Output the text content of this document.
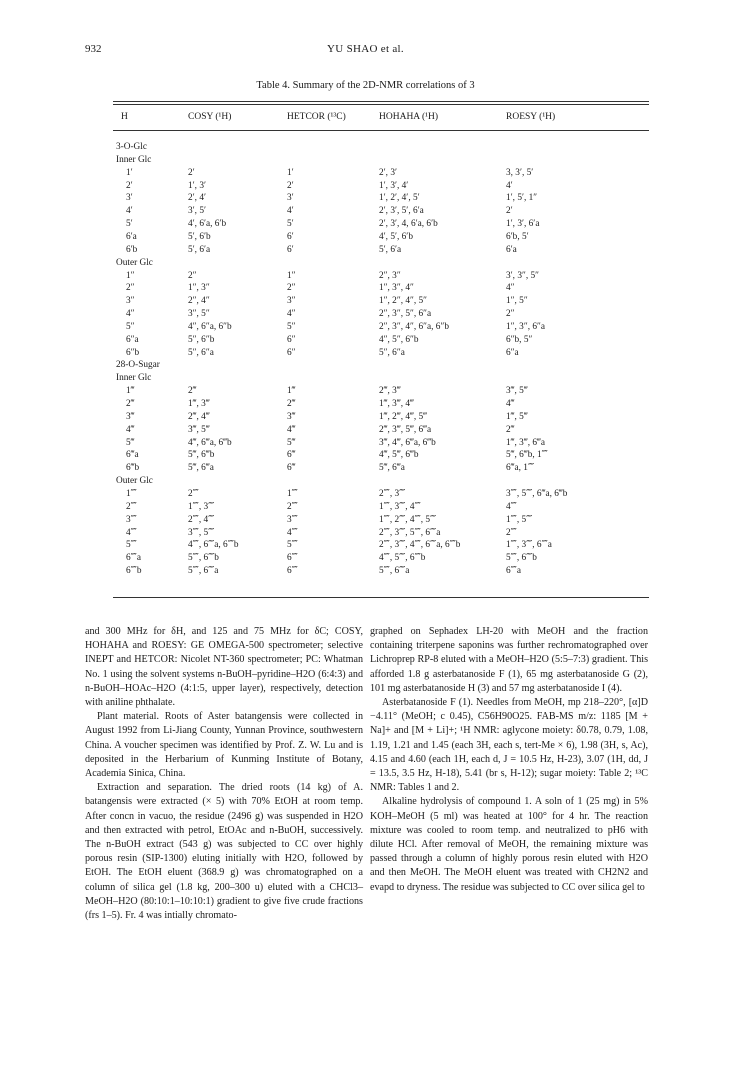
932	YU SHAO et al.
Table 4. Summary of the 2D-NMR correlations of 3
H	COSY (¹H)	HETCOR (¹³C)	HOHAHA (¹H)	ROESY (¹H)
3-O-Glc
Inner Glc
1′	2′	1′	2′, 3′	3, 3′, 5′
2′	1′, 3′	2′	1′, 3′, 4′	4′
3′	2′, 4′	3′	1′, 2′, 4′, 5′	1′, 5′, 1″
4′	3′, 5′	4′	2′, 3′, 5′, 6′a	2′
5′	4′, 6′a, 6′b	5′	2′, 3′, 4, 6′a, 6′b	1′, 3′, 6′a
6′a	5′, 6′b	6′	4′, 5′, 6′b	6′b, 5′
6′b	5′, 6′a	6′	5′, 6′a	6′a
Outer Glc
1″	2″	1″	2″, 3″	3′, 3″, 5″
2″	1″, 3″	2″	1″, 3″, 4″	4″
3″	2″, 4″	3″	1″, 2″, 4″, 5″	1″, 5″
4″	3″, 5″	4″	2″, 3″, 5″, 6″a	2″
5″	4″, 6″a, 6″b	5″	2″, 3″, 4″, 6″a, 6″b	1″, 3″, 6″a
6″a	5″, 6″b	6″	4″, 5″, 6″b	6″b, 5″
6″b	5″, 6″a	6″	5″, 6″a	6″a
28-O-Sugar
Inner Glc
1‴	2‴	1‴	2‴, 3‴	3‴, 5‴
2‴	1‴, 3‴	2‴	1‴, 3‴, 4‴	4‴
3‴	2‴, 4‴	3‴	1‴, 2‴, 4‴, 5‴	1‴, 5‴
4‴	3‴, 5‴	4‴	2‴, 3‴, 5‴, 6‴a	2‴
5‴	4‴, 6‴a, 6‴b	5‴	3‴, 4‴, 6‴a, 6‴b	1‴, 3‴, 6‴a
6‴a	5‴, 6‴b	6‴	4‴, 5‴, 6‴b	5‴, 6‴b, 1⁗
6‴b	5‴, 6‴a	6‴	5‴, 6‴a	6‴a, 1⁗
Outer Glc
1⁗	2⁗	1⁗	2⁗, 3⁗	3⁗, 5⁗, 6‴a, 6‴b
2⁗	1⁗, 3⁗	2⁗	1⁗, 3⁗, 4⁗	4⁗
3⁗	2⁗, 4⁗	3⁗	1⁗, 2⁗, 4⁗, 5⁗	1⁗, 5⁗
4⁗	3⁗, 5⁗	4⁗	2⁗, 3⁗, 5⁗, 6⁗a	2⁗
5⁗	4⁗, 6⁗a, 6⁗b	5⁗	2⁗, 3⁗, 4⁗, 6⁗a, 6⁗b	1⁗, 3⁗, 6⁗a
6⁗a	5⁗, 6⁗b	6⁗	4⁗, 5⁗, 6⁗b	5⁗, 6⁗b
6⁗b	5⁗, 6⁗a	6⁗	5⁗, 6⁗a	6⁗a

and 300 MHz for δH, and 125 and 75 MHz for δC; COSY, HOHAHA and ROESY: GE OMEGA-500 spectrometer; selective INEPT and HETCOR: Nicolet NT-360 spectrometer; PC: Whatman No. 1 using the solvent systems n-BuOH–pyridine–H2O (6:4:3) and n-BuOH–HOAc–H2O (4:1:5, upper layer), respectively, detection with aniline phthalate.

Plant material. Roots of Aster batangensis were collected in August 1992 from Li-Jiang County, Yunnan Province, southwestern China. A voucher specimen was identified by Prof. Z. W. Lu and is deposited in the Herbarium of Kunming Institute of Botany, Academia Sinica, China.

Extraction and separation. The dried roots (14 kg) of A. batangensis were extracted (× 5) with 70% EtOH at room temp. After concn in vacuo, the residue (2496 g) was suspended in H2O and then extracted with petrol, EtOAc and n-BuOH, successively. The n-BuOH extract (543 g) was subjected to CC over highly porous resin (SIP-1300) eluting initially with H2O, followed by EtOH. The EtOH eluent (368.9 g) was chromatographed on a column of silica gel (1.8 kg, 200–300 u) eluted with a CHCl3–MeOH–H2O (80:10:1–10:10:1) gradient to give five crude fractions (frs 1–5). Fr. 4 was intially chromato-

graphed on Sephadex LH-20 with MeOH and the fraction containing triterpene saponins was further rechromatographed over Lichroprep RP-8 eluted with a MeOH–H2O (5:5–7:3) gradient. This afforded 1.8 g asterbatanoside F (1), 65 mg asterbatanoside G (2), 101 mg asterbatanoside H (3) and 57 mg asterbatanoside I (4).

Asterbatanoside F (1). Needles from MeOH, mp 218–220°, [α]D −4.11° (MeOH; c 0.45), C56H90O25. FAB-MS m/z: 1185 [M + Na]+ and [M + Li]+; ¹H NMR: aglycone moiety: δ0.78, 0.79, 1.08, 1.19, 1.21 and 1.45 (each 3H, each s, tert-Me × 6), 1.98 (3H, s, Ac), 4.15 and 4.60 (each 1H, each d, J = 10.5 Hz, H-23), 3.07 (1H, dd, J = 13.5, 3.5 Hz, H-18), 5.41 (br s, H-12); sugar moiety: Table 2; ¹³C NMR: Tables 1 and 2.

Alkaline hydrolysis of compound 1. A soln of 1 (25 mg) in 5% KOH–MeOH (5 ml) was heated at 100° for 4 hr. The reaction mixture was cooled to room temp. and neutralized to pH6 with dilute HCl. After removal of MeOH, the remaining mixture was passed through a column of highly porous resin eluted with H2O and then MeOH. The MeOH eluent was treated with CH2N2 and evapd to dryness. The residue was subjected to CC over silica gel to
